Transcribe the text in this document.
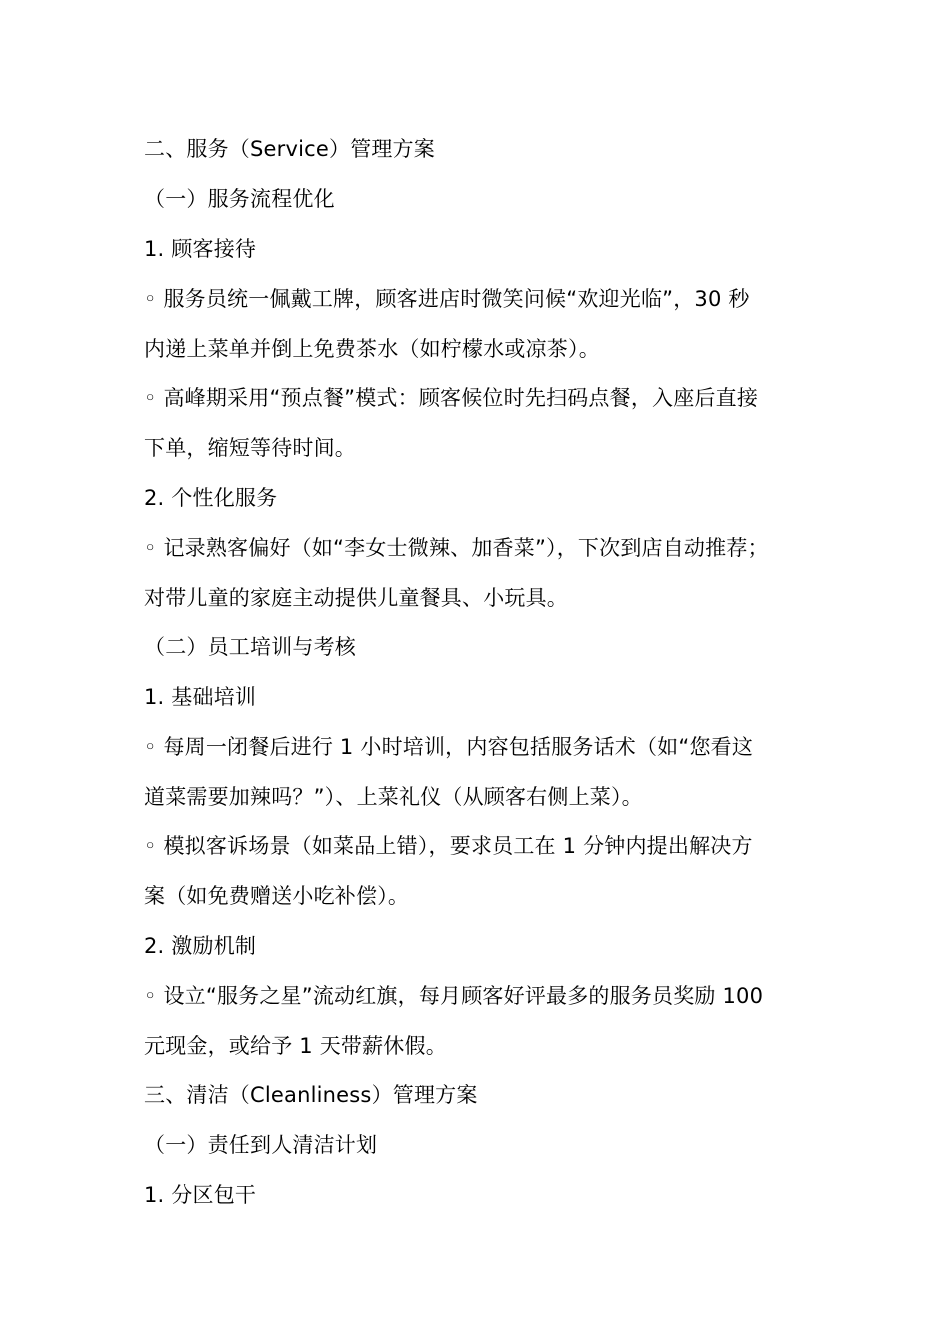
二、服务（Service）管理方案
（一）服务流程优化
1. 顾客接待
◦ 服务员统一佩戴工牌，顾客进店时微笑问候“欢迎光临”，30 秒
内递上菜单并倒上免费茶水（如柠檬水或凉茶）。
◦ 高峰期采用“预点餐”模式：顾客候位时先扫码点餐，入座后直接
下单，缩短等待时间。
2. 个性化服务
◦ 记录熟客偏好（如“李女士微辣、加香菜”），下次到店自动推荐；
对带儿童的家庭主动提供儿童餐具、小玩具。
（二）员工培训与考核
1. 基础培训
◦ 每周一闭餐后进行 1 小时培训，内容包括服务话术（如“您看这
道菜需要加辣吗？”）、上菜礼仪（从顾客右侧上菜）。
◦ 模拟客诉场景（如菜品上错），要求员工在 1 分钟内提出解决方
案（如免费赠送小吃补偿）。
2. 激励机制
◦ 设立“服务之星”流动红旗，每月顾客好评最多的服务员奖励 100
元现金，或给予 1 天带薪休假。
三、清洁（Cleanliness）管理方案
（一）责任到人清洁计划
1. 分区包干
